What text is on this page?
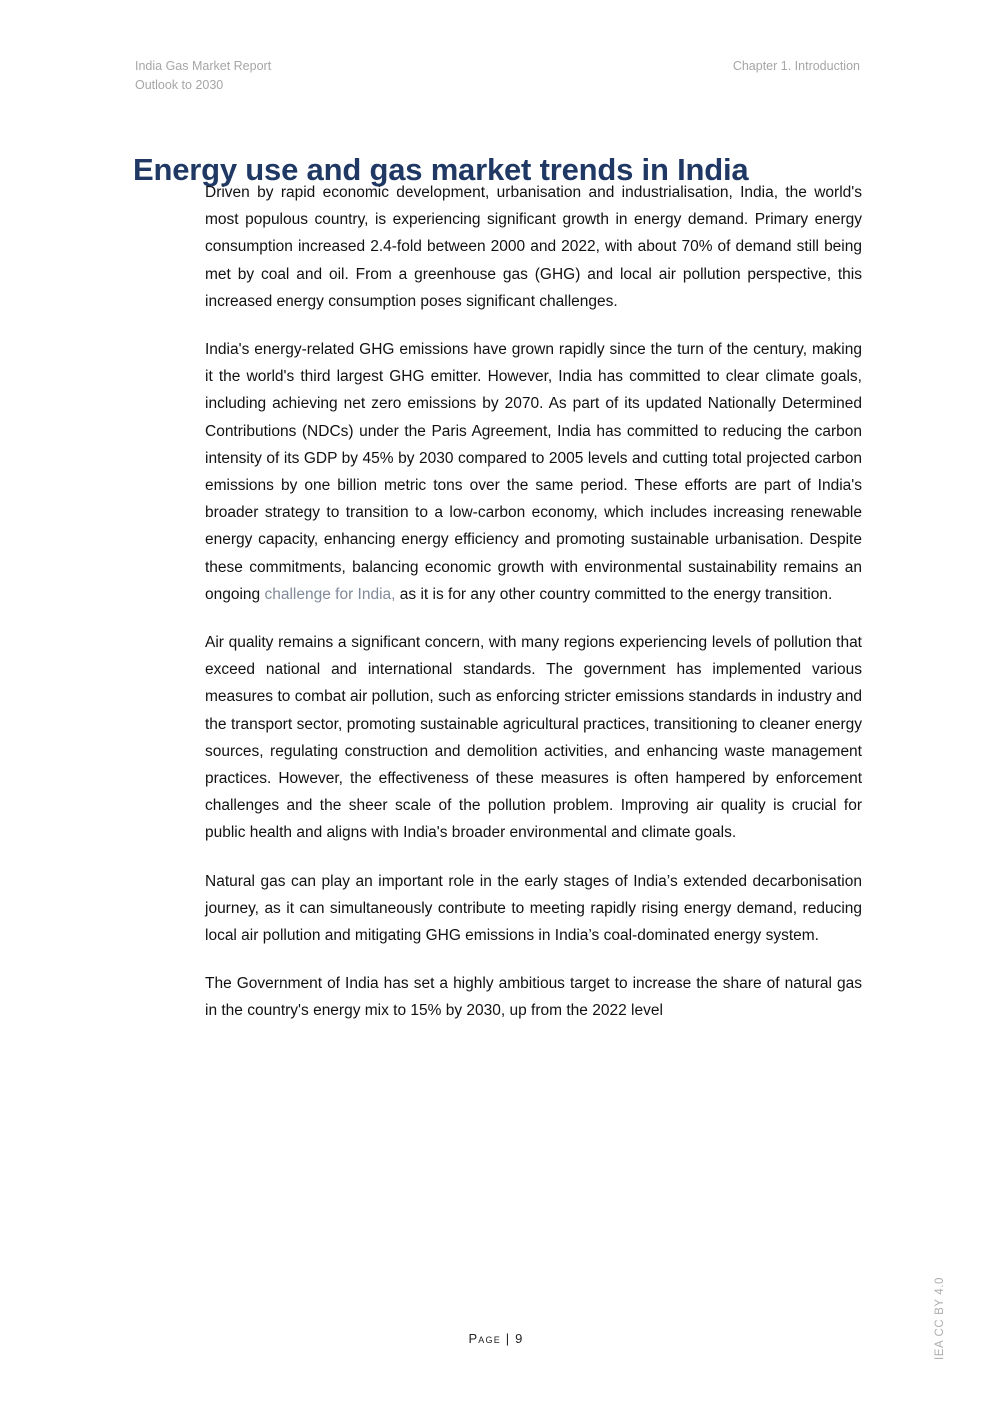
India Gas Market Report
Outlook to 2030
Chapter 1. Introduction
Energy use and gas market trends in India

Driven by rapid economic development, urbanisation and industrialisation, India, the world's most populous country, is experiencing significant growth in energy demand. Primary energy consumption increased 2.4-fold between 2000 and 2022, with about 70% of demand still being met by coal and oil. From a greenhouse gas (GHG) and local air pollution perspective, this increased energy consumption poses significant challenges.

India's energy-related GHG emissions have grown rapidly since the turn of the century, making it the world's third largest GHG emitter. However, India has committed to clear climate goals, including achieving net zero emissions by 2070. As part of its updated Nationally Determined Contributions (NDCs) under the Paris Agreement, India has committed to reducing the carbon intensity of its GDP by 45% by 2030 compared to 2005 levels and cutting total projected carbon emissions by one billion metric tons over the same period. These efforts are part of India's broader strategy to transition to a low-carbon economy, which includes increasing renewable energy capacity, enhancing energy efficiency and promoting sustainable urbanisation. Despite these commitments, balancing economic growth with environmental sustainability remains an ongoing challenge for India, as it is for any other country committed to the energy transition.

Air quality remains a significant concern, with many regions experiencing levels of pollution that exceed national and international standards. The government has implemented various measures to combat air pollution, such as enforcing stricter emissions standards in industry and the transport sector, promoting sustainable agricultural practices, transitioning to cleaner energy sources, regulating construction and demolition activities, and enhancing waste management practices. However, the effectiveness of these measures is often hampered by enforcement challenges and the sheer scale of the pollution problem. Improving air quality is crucial for public health and aligns with India's broader environmental and climate goals.

Natural gas can play an important role in the early stages of India’s extended decarbonisation journey, as it can simultaneously contribute to meeting rapidly rising energy demand, reducing local air pollution and mitigating GHG emissions in India’s coal-dominated energy system.

The Government of India has set a highly ambitious target to increase the share of natural gas in the country's energy mix to 15% by 2030, up from the 2022 level

Page | 9	IEA CC BY 4.0
